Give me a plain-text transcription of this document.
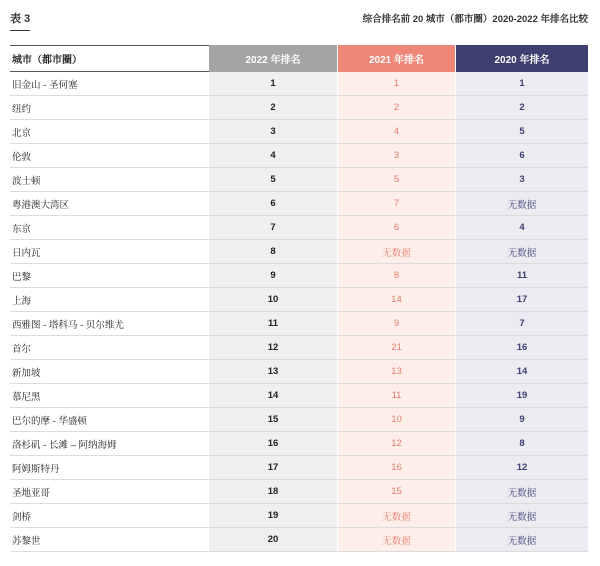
表 3	综合排名前 20 城市（都市圈）2020-2022 年排名比较
城市（都市圈）	2022 年排名	2021 年排名	2020 年排名
旧金山 - 圣何塞	1	1	1
纽约	2	2	2
北京	3	4	5
伦敦	4	3	6
波士顿	5	5	3
粤港澳大湾区	6	7	无数据
东京	7	6	4
日内瓦	8	无数据	无数据
巴黎	9	8	11
上海	10	14	17
西雅图 - 塔科马 - 贝尔维尤	11	9	7
首尔	12	21	16
新加坡	13	13	14
慕尼黑	14	11	19
巴尔的摩 - 华盛顿	15	10	9
洛杉矶 - 长滩 – 阿纳海姆	16	12	8
阿姆斯特丹	17	16	12
圣地亚哥	18	15	无数据
剑桥	19	无数据	无数据
苏黎世	20	无数据	无数据
